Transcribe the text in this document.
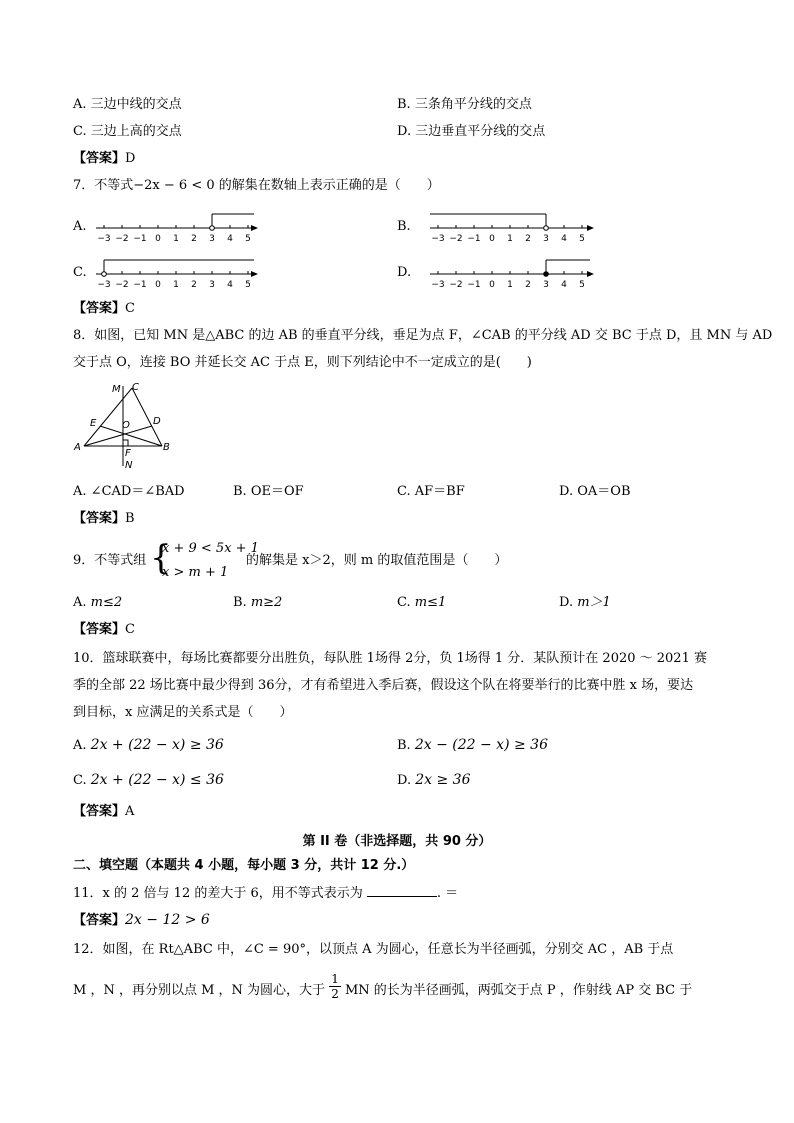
A. 三边中线的交点	B. 三条角平分线的交点
C. 三边上高的交点	D. 三边垂直平分线的交点
【答案】D
7．不等式−2x − 6 < 0 的解集在数轴上表示正确的是（　　）
A.	B.
C.	D.
−3 −2 −1 0 1 2 3 4 5	−3 −2 −1 0 1 2 3 4 5
−3 −2 −1 0 1 2 3 4 5	−3 −2 −1 0 1 2 3 4 5
【答案】C
8．如图，已知 MN 是△ABC 的边 AB 的垂直平分线，垂足为点 F，∠CAB 的平分线 AD 交 BC 于点 D，且 MN 与 AD
交于点 O，连接 BO 并延长交 AC 于点 E，则下列结论中不一定成立的是(　　)
M C
E	O D
A
F
B
N
A. ∠CAD＝∠BAD	B. OE＝OF	C. AF＝BF	D. OA＝OB
【答案】B
9．不等式组 {
x + 9 < 5x + 1
x > m + 1
的解集是 x＞2，则 m 的取值范围是（　　）
A. m≤2	B. m≥2	C. m≤1	D. m＞1
【答案】C
10．篮球联赛中，每场比赛都要分出胜负，每队胜 1场得 2分，负 1场得 1 分．某队预计在 2020 ～ 2021 赛
季的全部 22 场比赛中最少得到 36分，才有希望进入季后赛，假设这个队在将要举行的比赛中胜 x 场，要达
到目标，x 应满足的关系式是（　　）
A. 2x + (22 − x) ≥ 36	B. 2x − (22 − x) ≥ 36
C. 2x + (22 − x) ≤ 36	D. 2x ≥ 36
【答案】A
第 II 卷（非选择题，共 90 分）
二、填空题（本题共 4 小题，每小题 3 分，共计 12 分.）
11．x 的 2 倍与 12 的差大于 6，用不等式表示为	. ＝
【答案】2x − 12 > 6
12．如图，在 Rt△ABC 中，∠C = 90°，以顶点 A 为圆心，任意长为半径画弧，分别交 AC ，AB 于点
M ，N ，再分别以点 M ，N 为圆心，大于 $\frac{1}{2}$ MN 的长为半径画弧，两弧交于点 P ，作射线 AP 交 BC 于
